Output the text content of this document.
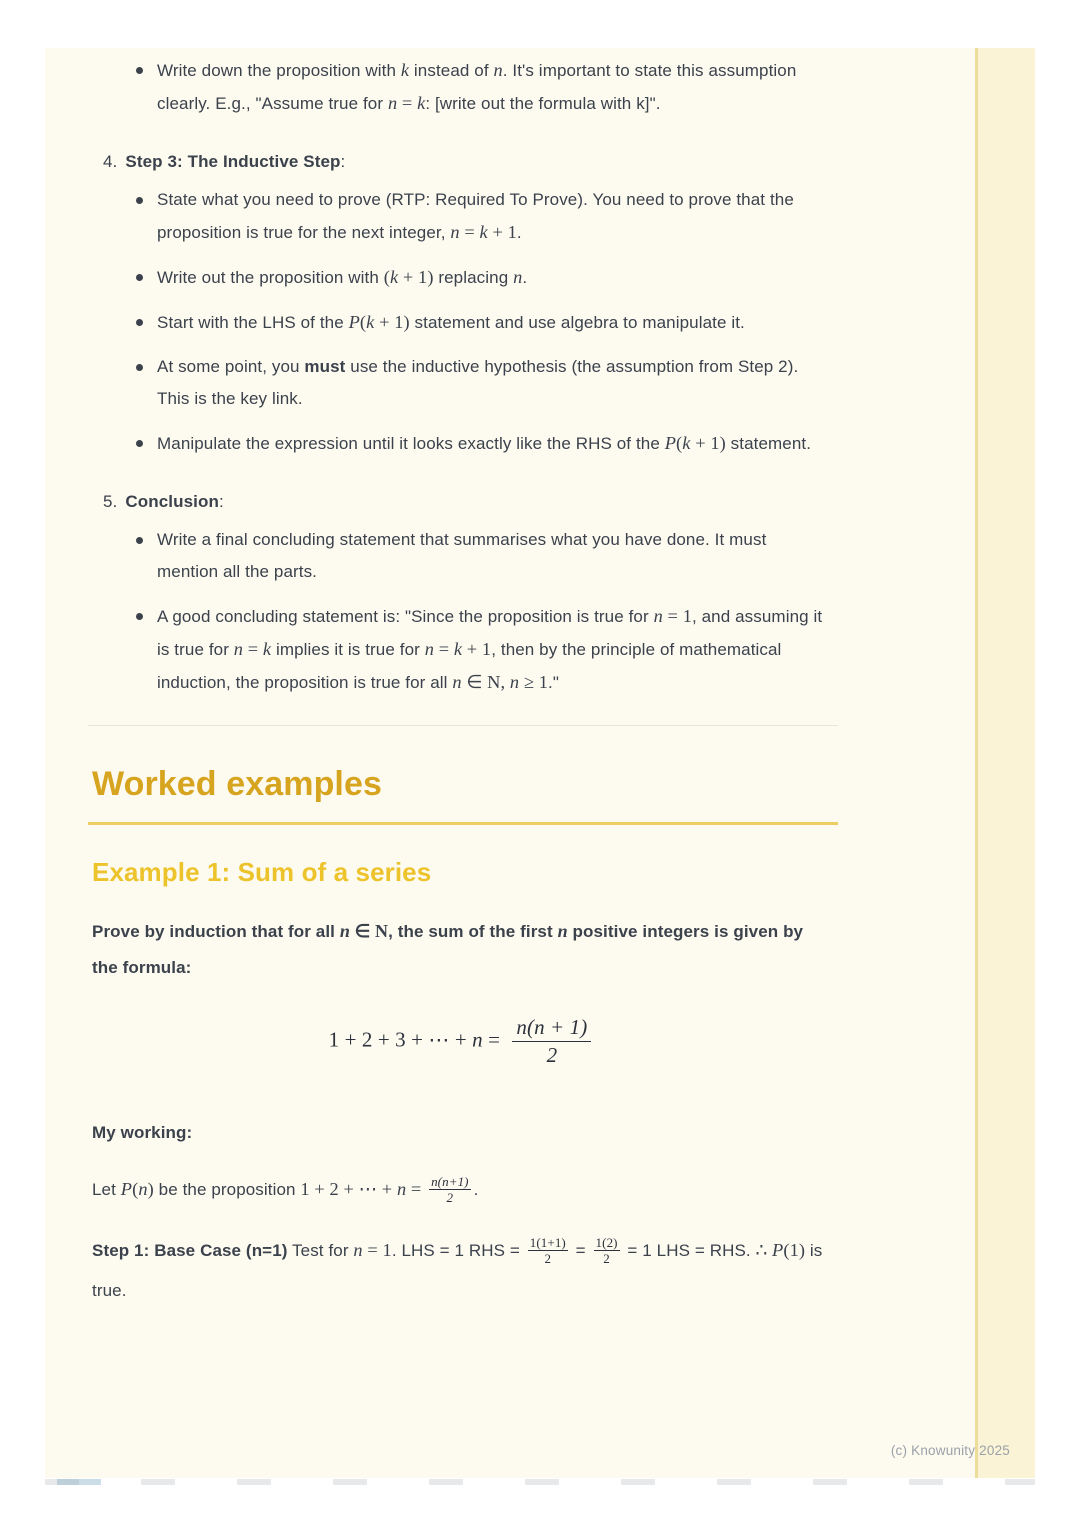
Write down the proposition with k instead of n. It's important to state this assumption clearly. E.g., "Assume true for n = k: [write out the formula with k]".
4. Step 3: The Inductive Step:
State what you need to prove (RTP: Required To Prove). You need to prove that the proposition is true for the next integer, n = k + 1.
Write out the proposition with (k + 1) replacing n.
Start with the LHS of the P(k + 1) statement and use algebra to manipulate it.
At some point, you must use the inductive hypothesis (the assumption from Step 2). This is the key link.
Manipulate the expression until it looks exactly like the RHS of the P(k + 1) statement.
5. Conclusion:
Write a final concluding statement that summarises what you have done. It must mention all the parts.
A good concluding statement is: "Since the proposition is true for n = 1, and assuming it is true for n = k implies it is true for n = k + 1, then by the principle of mathematical induction, the proposition is true for all n ∈ N, n ≥ 1."
Worked examples
Example 1: Sum of a series
Prove by induction that for all n ∈ N, the sum of the first n positive integers is given by the formula:
1 + 2 + 3 + ⋯ + $n = \frac{n(n + 1)}{2}$
My working:
Let P(n) be the proposition 1 + 2 + ⋯ + $n = \frac{n(n+1)}{2}$ .
Step 1: Base Case (n=1) Test for n = 1. LHS = 1 RHS = $\frac{1(1+1)}{2} = \frac{1(2)}{2} = 1$ LHS = RHS. ∴ P(1) is true.
(c) Knowunity 2025
